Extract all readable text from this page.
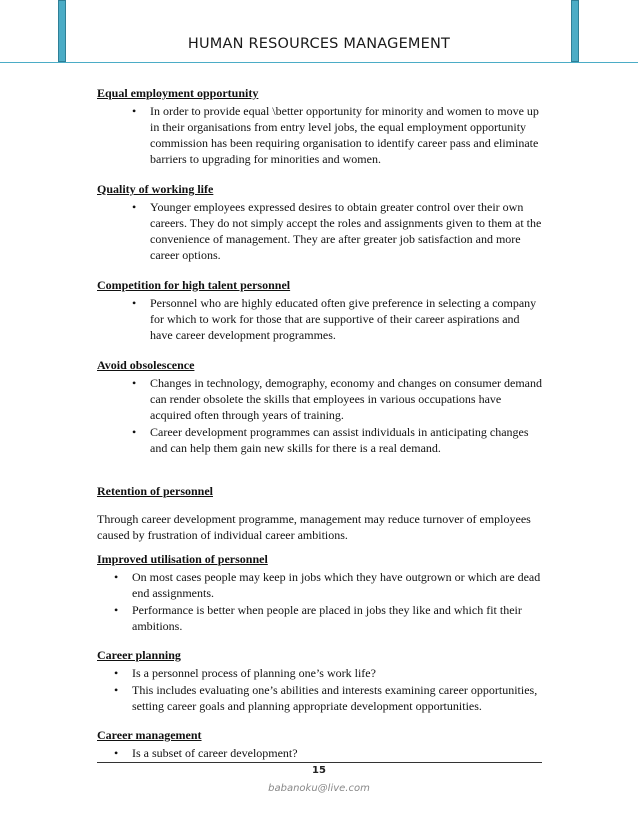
HUMAN RESOURCES MANAGEMENT

Equal employment opportunity

• In order to provide equal \better opportunity for minority and women to move up in their organisations from entry level jobs, the equal employment opportunity commission has been requiring organisation to identify career pass and eliminate barriers to upgrading for minorities and women.

Quality of working life

• Younger employees expressed desires to obtain greater control over their own careers. They do not simply accept the roles and assignments given to them at the convenience of management. They are after greater job satisfaction and more career options.

Competition for high talent personnel

• Personnel who are highly educated often give preference in selecting a company for which to work for those that are supportive of their career aspirations and have career development programmes.

Avoid obsolescence

• Changes in technology, demography, economy and changes on consumer demand can render obsolete the skills that employees in various occupations have acquired often through years of training.
• Career development programmes can assist individuals in anticipating changes and can help them gain new skills for there is a real demand.

Retention of personnel

Through career development programme, management may reduce turnover of employees caused by frustration of individual career ambitions.

Improved utilisation of personnel

• On most cases people may keep in jobs which they have outgrown or which are dead end assignments.
• Performance is better when people are placed in jobs they like and which fit their ambitions.

Career planning

• Is a personnel process of planning one’s work life?
• This includes evaluating one’s abilities and interests examining career opportunities, setting career goals and planning appropriate development opportunities.

Career management

• Is a subset of career development?
15
babanoku@live.com
